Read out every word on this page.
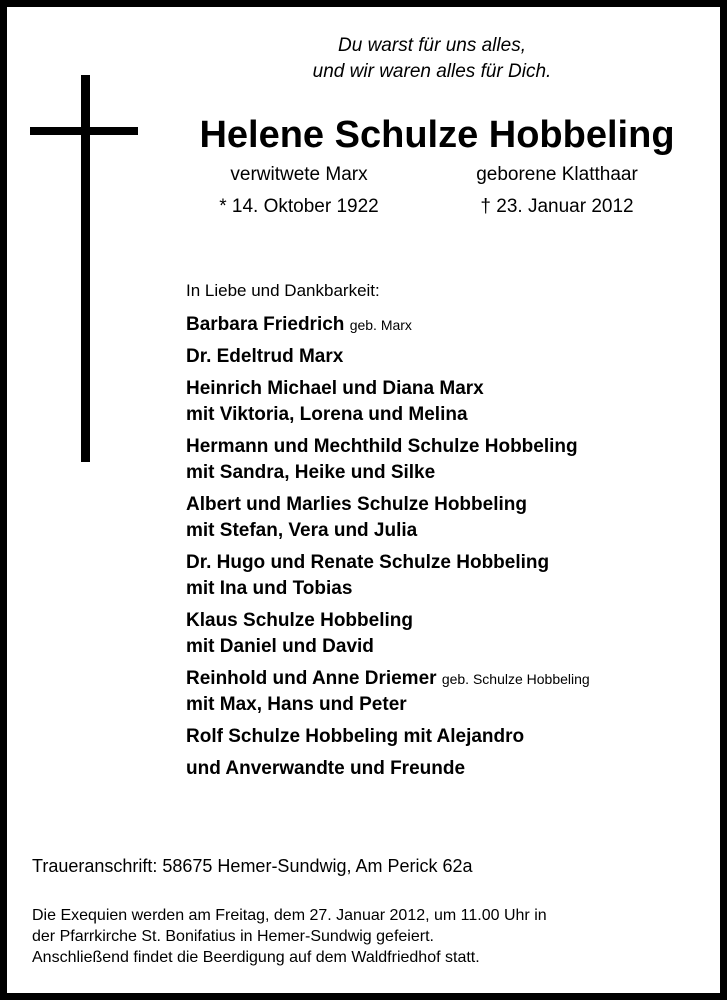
Du warst für uns alles,
und wir waren alles für Dich.
Helene Schulze Hobbeling
verwitwete Marx	geborene Klatthaar
* 14. Oktober 1922	† 23. Januar 2012
In Liebe und Dankbarkeit:
Barbara Friedrich geb. Marx
Dr. Edeltrud Marx
Heinrich Michael und Diana Marx
mit Viktoria, Lorena und Melina
Hermann und Mechthild Schulze Hobbeling
mit Sandra, Heike und Silke
Albert und Marlies Schulze Hobbeling
mit Stefan, Vera und Julia
Dr. Hugo und Renate Schulze Hobbeling
mit Ina und Tobias
Klaus Schulze Hobbeling
mit Daniel und David
Reinhold und Anne Driemer geb. Schulze Hobbeling
mit Max, Hans und Peter
Rolf Schulze Hobbeling mit Alejandro
und Anverwandte und Freunde
Traueranschrift: 58675 Hemer-Sundwig, Am Perick 62a
Die Exequien werden am Freitag, dem 27. Januar 2012, um 11.00 Uhr in
der Pfarrkirche St. Bonifatius in Hemer-Sundwig gefeiert.
Anschließend findet die Beerdigung auf dem Waldfriedhof statt.
